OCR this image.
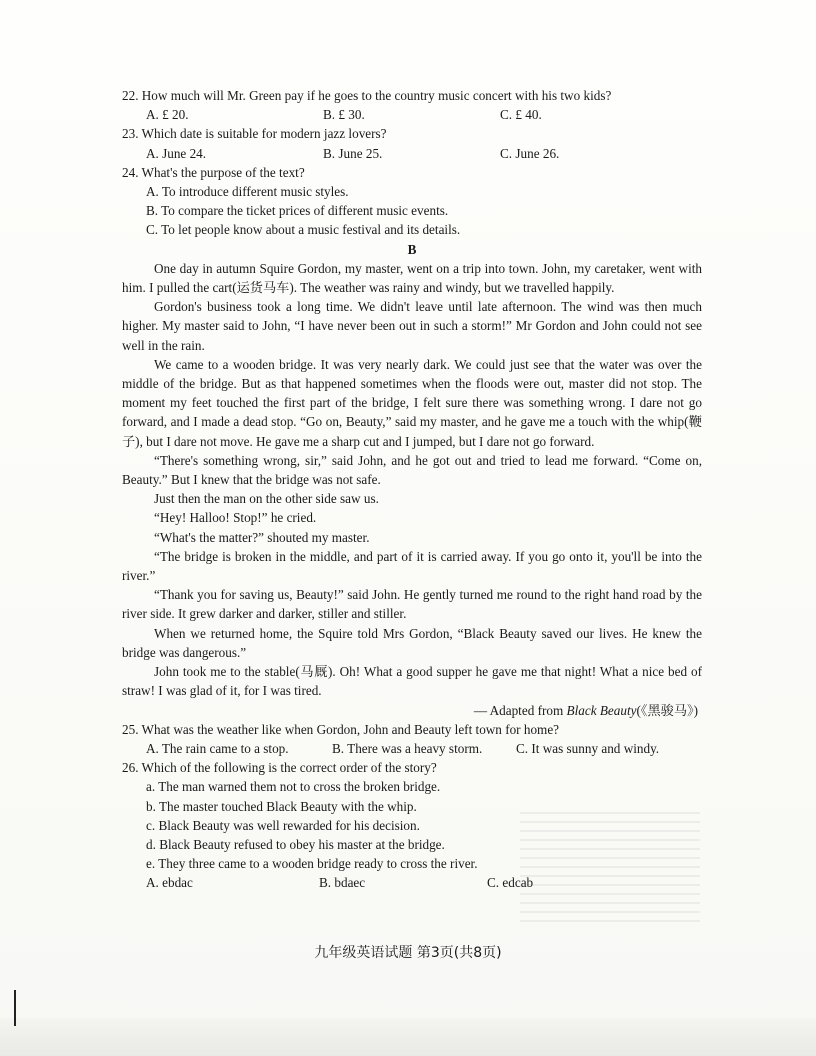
22. How much will Mr. Green pay if he goes to the country music concert with his two kids?

A. £ 20.	B. £ 30.	C. £ 40.

23. Which date is suitable for modern jazz lovers?

A. June 24.	B. June 25.	C. June 26.

24. What's the purpose of the text?

A. To introduce different music styles.

B. To compare the ticket prices of different music events.

C. To let people know about a music festival and its details.

B

One day in autumn Squire Gordon, my master, went on a trip into town. John, my caretaker, went with him. I pulled the cart(运货马车). The weather was rainy and windy, but we travelled happily.

Gordon's business took a long time. We didn't leave until late afternoon. The wind was then much higher. My master said to John, “I have never been out in such a storm!” Mr Gordon and John could not see well in the rain.

We came to a wooden bridge. It was very nearly dark. We could just see that the water was over the middle of the bridge. But as that happened sometimes when the floods were out, master did not stop. The moment my feet touched the first part of the bridge, I felt sure there was something wrong. I dare not go forward, and I made a dead stop. “Go on, Beauty,” said my master, and he gave me a touch with the whip(鞭子), but I dare not move. He gave me a sharp cut and I jumped, but I dare not go forward.

“There's something wrong, sir,” said John, and he got out and tried to lead me forward. “Come on, Beauty.” But I knew that the bridge was not safe.

Just then the man on the other side saw us.

“Hey! Halloo! Stop!” he cried.

“What's the matter?” shouted my master.

“The bridge is broken in the middle, and part of it is carried away. If you go onto it, you'll be into the river.”

“Thank you for saving us, Beauty!” said John. He gently turned me round to the right hand road by the river side. It grew darker and darker, stiller and stiller.

When we returned home, the Squire told Mrs Gordon, “Black Beauty saved our lives. He knew the bridge was dangerous.”

John took me to the stable(马厩). Oh! What a good supper he gave me that night! What a nice bed of straw! I was glad of it, for I was tired.

— Adapted from Black Beauty(《黑骏马》)

25. What was the weather like when Gordon, John and Beauty left town for home?

A. The rain came to a stop.	B. There was a heavy storm.	C. It was sunny and windy.

26. Which of the following is the correct order of the story?

a. The man warned them not to cross the broken bridge.

b. The master touched Black Beauty with the whip.

c. Black Beauty was well rewarded for his decision.

d. Black Beauty refused to obey his master at the bridge.

e. They three came to a wooden bridge ready to cross the river.

A. ebdac	B. bdaec	C. edcab
九年级英语试题 第3页(共8页)
